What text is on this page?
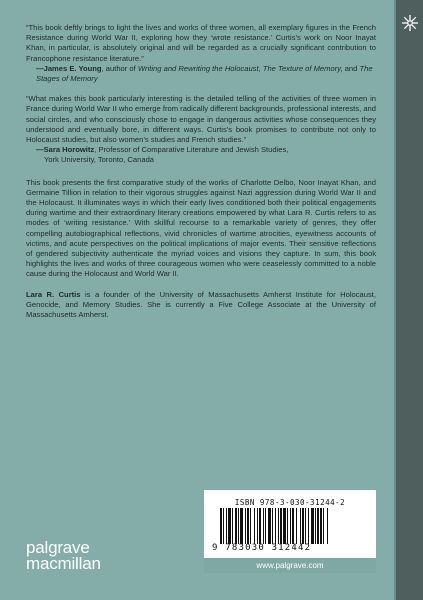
“This book deftly brings to light the lives and works of three women, all exemplary figures in the French Resistance during World War II, exploring how they ‘wrote resistance.’ Curtis’s work on Noor Inayat Khan, in particular, is absolutely original and will be regarded as a crucially significant contribution to Francophone resistance literature.”

—James E. Young, author of Writing and Rewriting the Holocaust, The Texture of Memory, and The Stages of Memory

“What makes this book particularly interesting is the detailed telling of the activities of three women in France during World War II who emerge from radically different backgrounds, professional interests, and social circles, and who consciously chose to engage in dangerous activities whose consequences they understood and eventually bore, in different ways. Curtis’s book promises to contribute not only to Holocaust studies, but also women’s studies and French studies.”

—Sara Horowitz, Professor of Comparative Literature and Jewish Studies,
York University, Toronto, Canada

This book presents the first comparative study of the works of Charlotte Delbo, Noor Inayat Khan, and Germaine Tillion in relation to their vigorous struggles against Nazi aggression during World War II and the Holocaust. It illuminates ways in which their early lives conditioned both their political engagements during wartime and their extraordinary literary creations empowered by what Lara R. Curtis refers to as modes of ‘writing resistance.’ With skillful recourse to a remarkable variety of genres, they offer compelling autobiographical reflections, vivid chronicles of wartime atrocities, eyewitness accounts of victims, and acute perspectives on the political implications of major events. Their sensitive reflections of gendered subjectivity authenticate the myriad voices and visions they capture. In sum, this book highlights the lives and works of three courageous women who were ceaselessly committed to a noble cause during the Holocaust and World War II.

Lara R. Curtis is a founder of the University of Massachusetts Amherst Institute for Holocaust, Genocide, and Memory Studies. She is currently a Five College Associate at the University of Massachusetts Amherst.

ISBN 978-3-030-31244-2
9 783030 312442
www.palgrave.com
palgrave
macmillan
